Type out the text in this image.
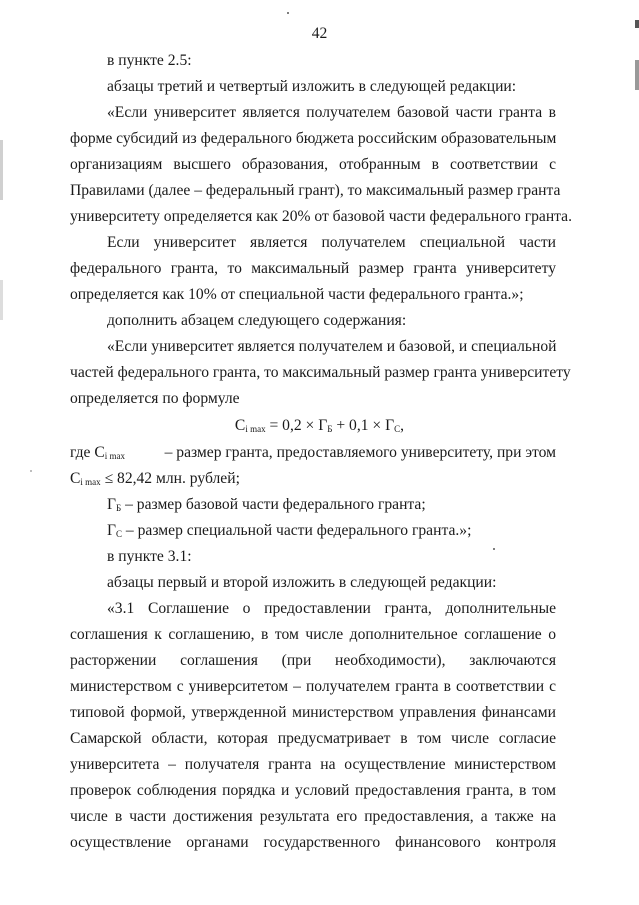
42
в пункте 2.5:
абзацы третий и четвертый изложить в следующей редакции:
«Если университет является получателем базовой части гранта в
форме субсидий из федерального бюджета российским образовательным
организациям высшего образования, отобранным в соответствии с
Правилами (далее – федеральный грант), то максимальный размер гранта
университету определяется как 20% от базовой части федерального гранта.
Если университет является получателем специальной части
федерального гранта, то максимальный размер гранта университету
определяется как 10% от специальной части федерального гранта.»;
дополнить абзацем следующего содержания:
«Если университет является получателем и базовой, и специальной
частей федерального гранта, то максимальный размер гранта университету
определяется по формуле
$C_{i max} = 0,2 \times Г_Б + 0,1 \times Г_С$,
где $C_{i max}$	– размер гранта, предоставляемого университету, при этом
$C_{i max} \le 82,42$ млн. рублей;
$Г_Б$ – размер базовой части федерального гранта;
$Г_С$ – размер специальной части федерального гранта.»;
в пункте 3.1:
абзацы первый и второй изложить в следующей редакции:
«3.1 Соглашение о предоставлении гранта, дополнительные
соглашения к соглашению, в том числе дополнительное соглашение о
расторжении соглашения (при необходимости), заключаются
министерством с университетом – получателем гранта в соответствии с
типовой формой, утвержденной министерством управления финансами
Самарской области, которая предусматривает в том числе согласие
университета – получателя гранта на осуществление министерством
проверок соблюдения порядка и условий предоставления гранта, в том
числе в части достижения результата его предоставления, а также на
осуществление органами государственного финансового контроля
